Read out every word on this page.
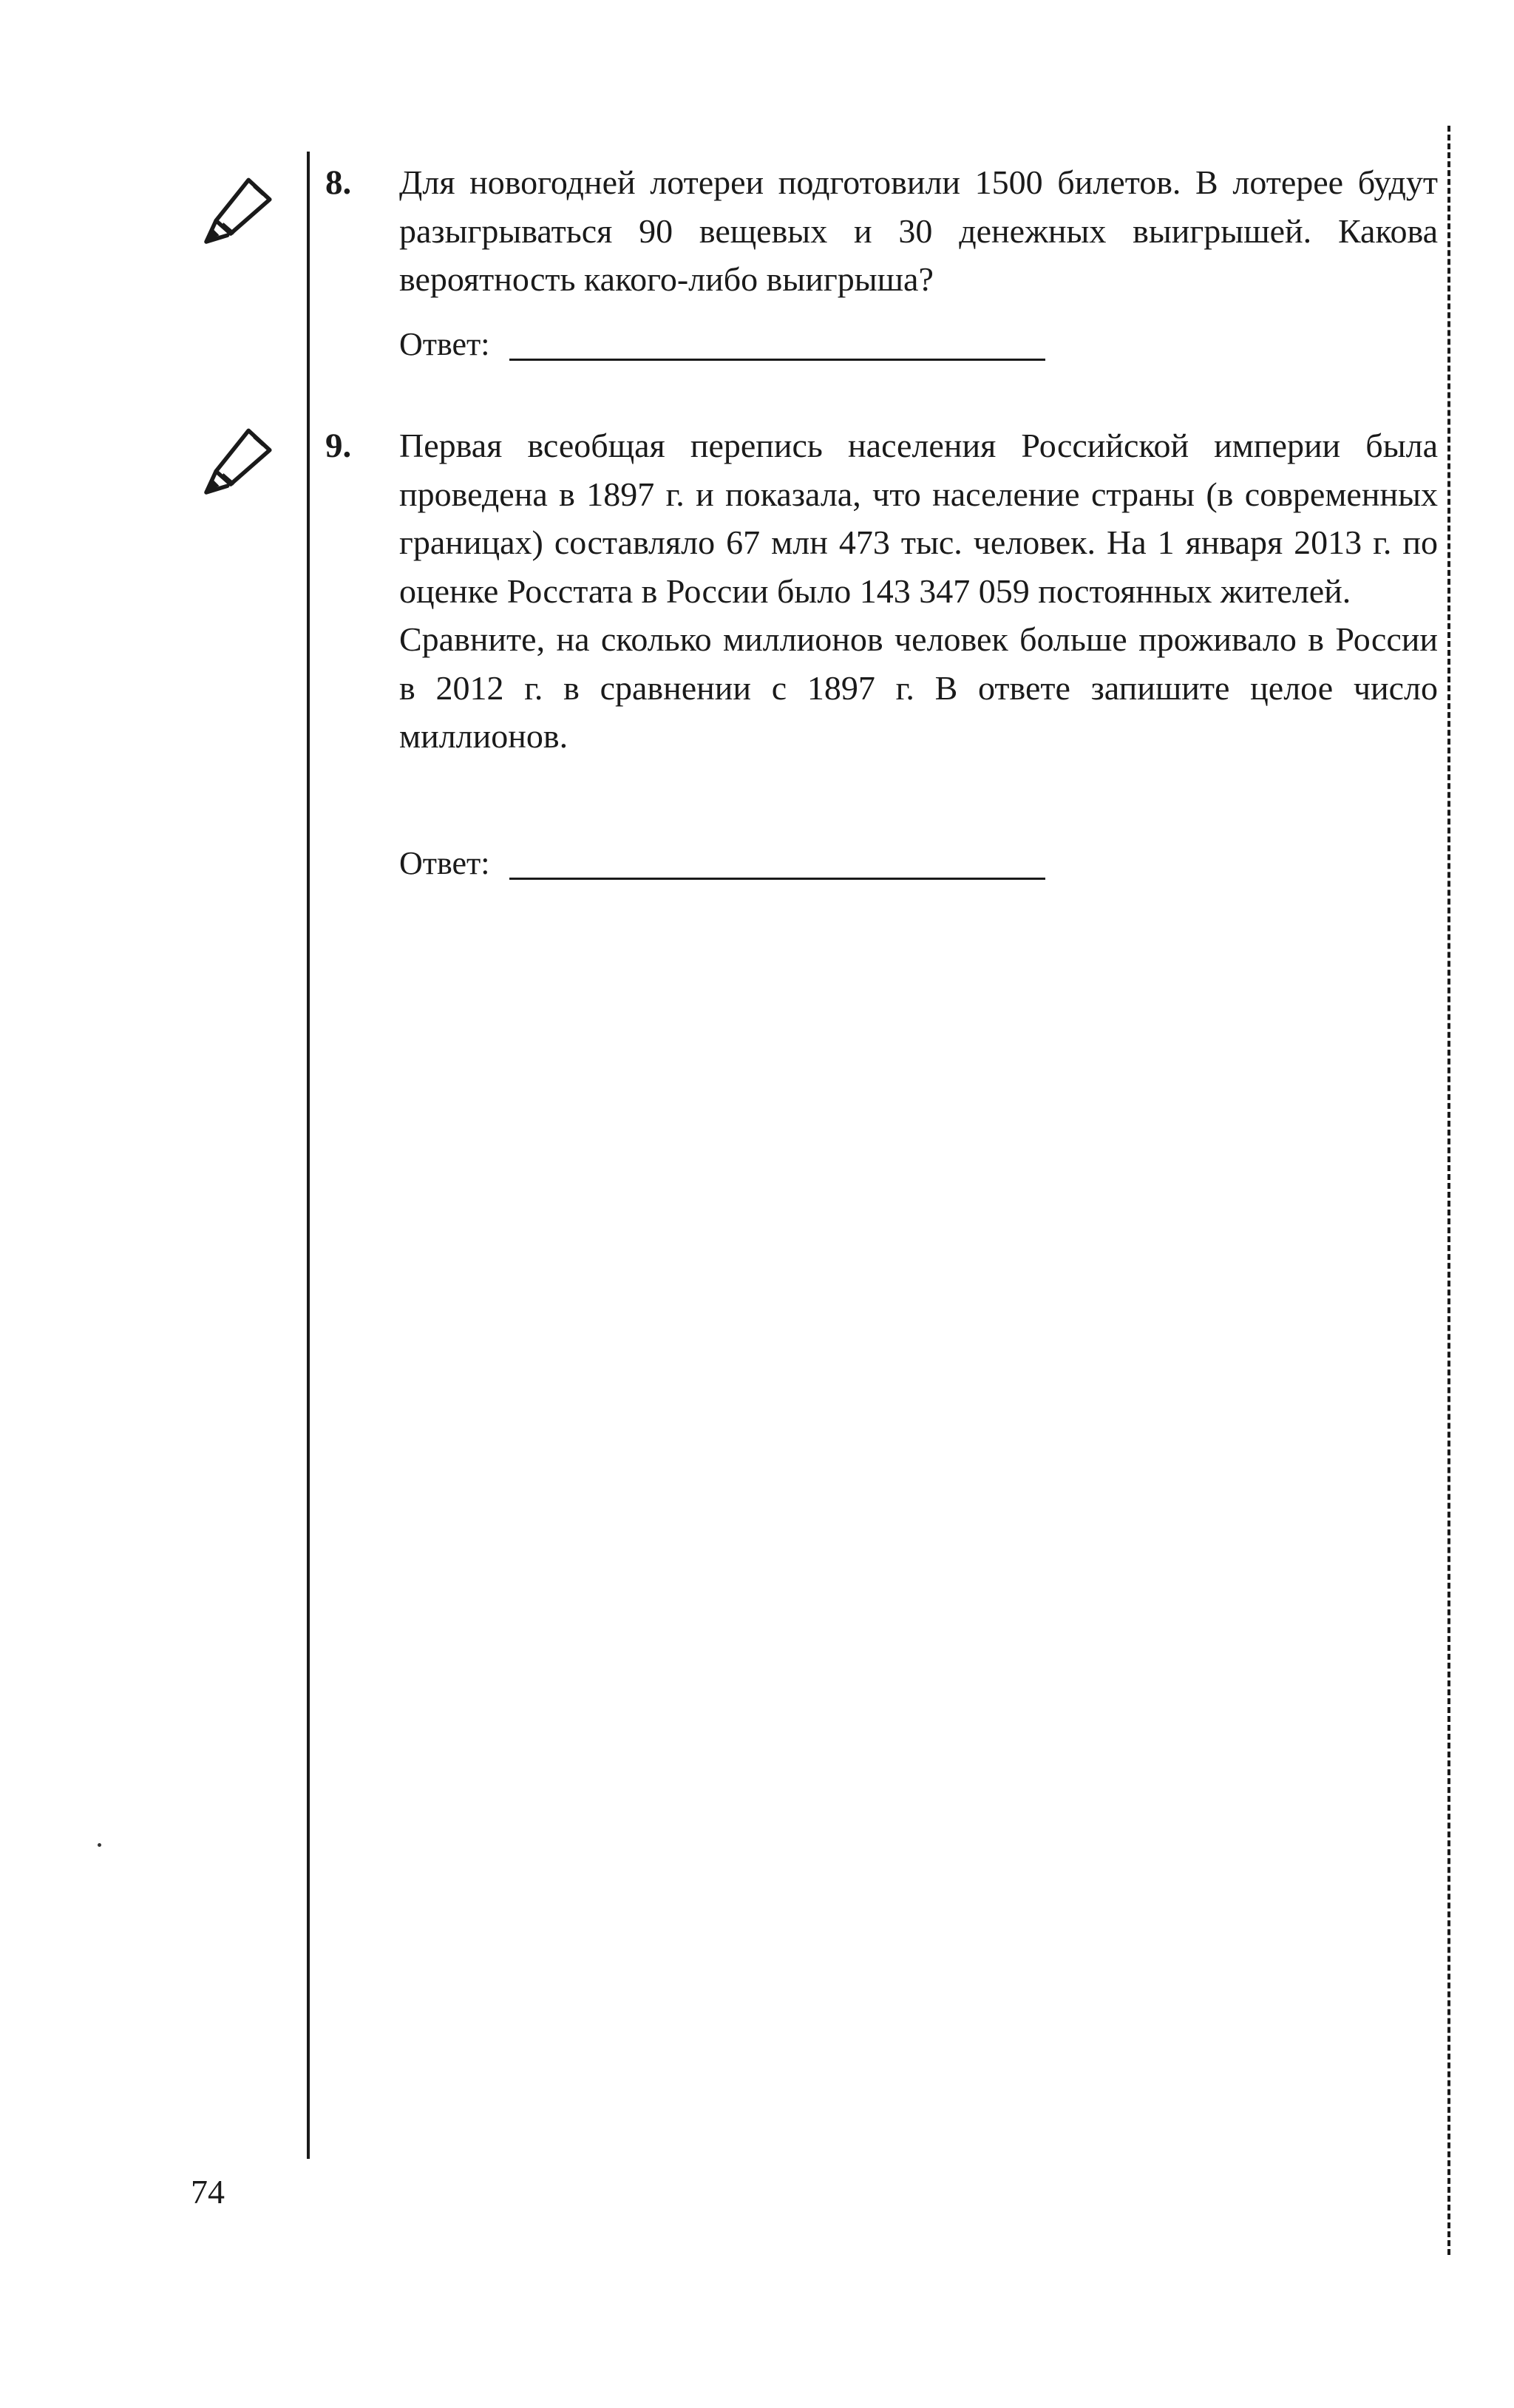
8. Для новогодней лотереи подготовили 1500 билетов. В лотерее будут разыгрываться 90 вещевых и 30 денежных выигрышей. Какова вероятность какого-либо выигрыша?

Ответ:
9. Первая всеобщая перепись населения Российской империи была проведена в 1897 г. и показала, что население страны (в современных границах) составляло 67 млн 473 тыс. человек. На 1 января 2013 г. по оценке Росстата в России было 143 347 059 постоянных жителей.

Сравните, на сколько миллионов человек больше проживало в России в 2012 г. в сравнении с 1897 г. В ответе запишите целое число миллионов.

Ответ:
74
